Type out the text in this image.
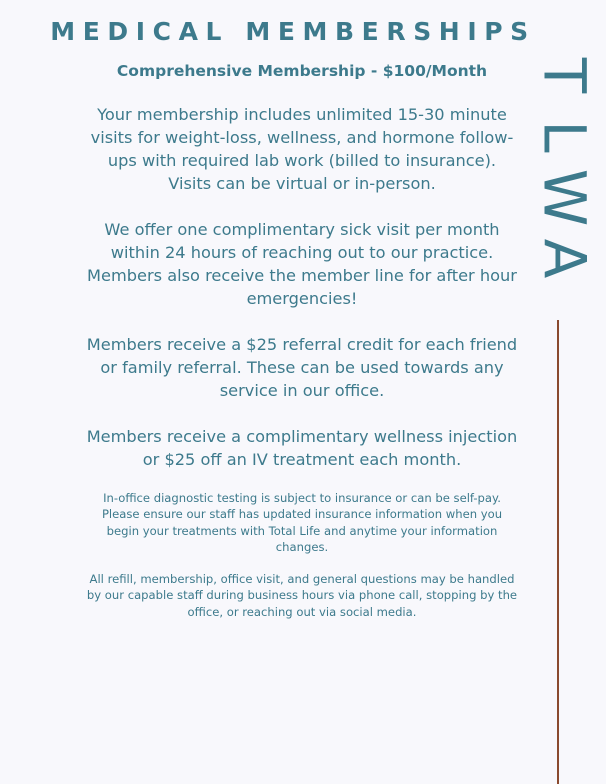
MEDICAL MEMBERSHIPS
Comprehensive Membership - $100/Month

Your membership includes unlimited 15-30 minute visits for weight-loss, wellness, and hormone follow-ups with required lab work (billed to insurance). Visits can be virtual or in-person.

We offer one complimentary sick visit per month within 24 hours of reaching out to our practice. Members also receive the member line for after hour emergencies!

Members receive a $25 referral credit for each friend or family referral. These can be used towards any service in our office.

Members receive a complimentary wellness injection or $25 off an IV treatment each month.

In-office diagnostic testing is subject to insurance or can be self-pay. Please ensure our staff has updated insurance information when you begin your treatments with Total Life and anytime your information changes.

All refill, membership, office visit, and general questions may be handled by our capable staff during business hours via phone call, stopping by the office, or reaching out via social media.

T
L
W
A
